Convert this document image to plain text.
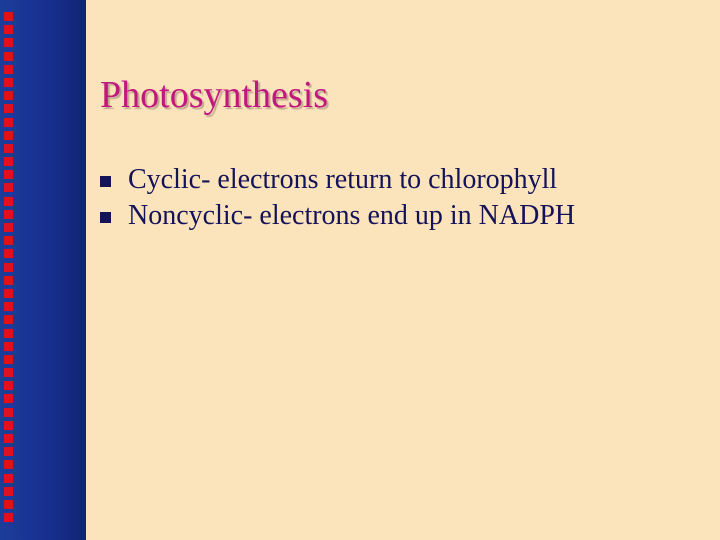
Photosynthesis
Cyclic- electrons return to chlorophyll
Noncyclic- electrons end up in NADPH
